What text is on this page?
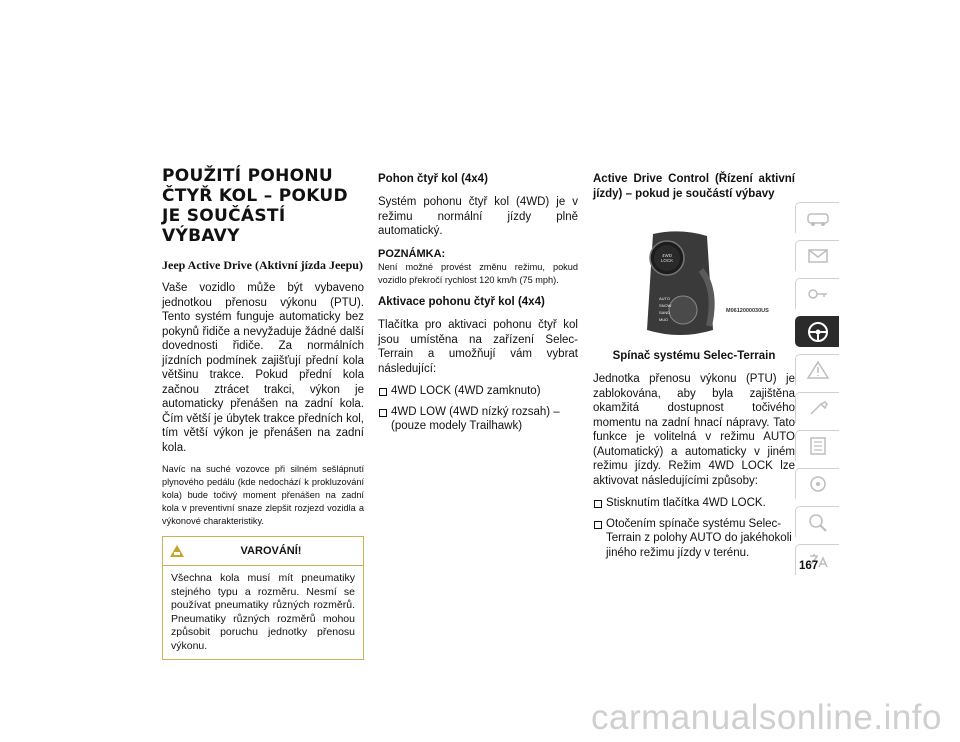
POUŽITÍ POHONU ČTYŘ KOL – POKUD JE SOUČÁSTÍ VÝBAVY
Jeep Active Drive (Aktivní jízda Jeepu)

Vaše vozidlo může být vybaveno jednotkou přenosu výkonu (PTU). Tento systém funguje automaticky bez pokynů řidiče a nevyžaduje žádné další dovednosti řidiče. Za normálních jízdních podmínek zajišťují přední kola většinu trakce. Pokud přední kola začnou ztrácet trakci, výkon je automaticky přenášen na zadní kola. Čím větší je úbytek trakce předních kol, tím větší výkon je přenášen na zadní kola.

Navíc na suché vozovce při silném sešlápnutí plynového pedálu (kde nedochází k prokluzování kola) bude točivý moment přenášen na zadní kola v preventivní snaze zlepšit rozjezd vozidla a výkonové charakteristiky.

VAROVÁNÍ!
Všechna kola musí mít pneumatiky stejného typu a rozměru. Nesmí se používat pneumatiky různých rozměrů. Pneumatiky různých rozměrů mohou způsobit poruchu jednotky přenosu výkonu.
Pohon čtyř kol (4x4)

Systém pohonu čtyř kol (4WD) je v režimu normální jízdy plně automatický.

POZNÁMKA:

Není možné provést změnu režimu, pokud vozidlo překročí rychlost 120 km/h (75 mph).

Aktivace pohonu čtyř kol (4x4)

Tlačítka pro aktivaci pohonu čtyř kol jsou umístěna na zařízení Selec-Terrain a umožňují vám vybrat následující:

4WD LOCK (4WD zamknuto)
4WD LOW (4WD nízký rozsah) – (pouze modely Trailhawk)
Active Drive Control (Řízení aktivní jízdy) – pokud je součástí výbavy
4WD
LOCK
AUTO
SNOW
SAND
MUD
M0612000030US
Spínač systému Selec-Terrain

Jednotka přenosu výkonu (PTU) je zablokována, aby byla zajištěna okamžitá dostupnost točivého momentu na zadní hnací nápravy. Tato funkce je volitelná v režimu AUTO (Automatický) a automaticky v jiném režimu jízdy. Režim 4WD LOCK lze aktivovat následujícími způsoby:

Stisknutím tlačítka 4WD LOCK.
Otočením spínače systému Selec-Terrain z polohy AUTO do jakéhokoli jiného režimu jízdy v terénu.
167
carmanualsonline.info
